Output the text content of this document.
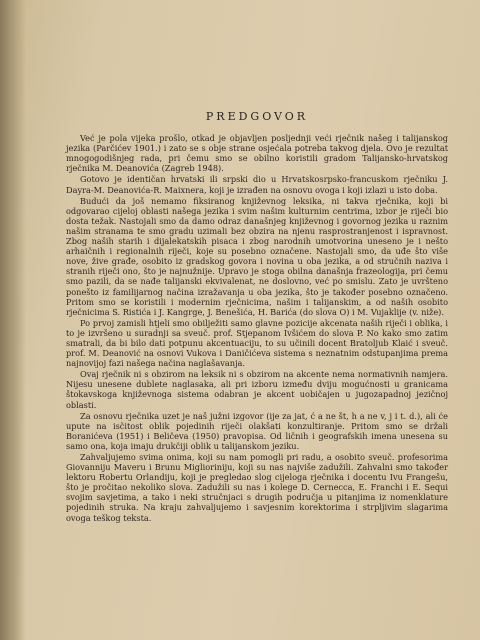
PREDGOVOR

Već je pola vijeka prošlo, otkad je objavljen posljednji veći rječnik našeg i talijanskog jezika (Parčićev 1901.) i zato se s obje strane osjećala potreba takvog djela. Ovo je rezultat mnogogodišnjeg rada, pri čemu smo se obilno koristili gradom Talijansko-hrvatskog rječnika M. Deanovića (Zagreb 1948).

Gotovo je identičan hrvatski ili srpski dio u Hrvatskosrpsko-francuskom rječniku J. Dayra-M. Deanovića-R. Maixnera, koji je izrađen na osnovu ovoga i koji izlazi u isto doba.

Budući da još nemamo fiksiranog književnog leksika, ni takva rječnika, koji bi odgovarao cijeloj oblasti našega jezika i svim našim kulturnim centrima, izbor je riječi bio dosta težak. Nastojali smo da damo odraz današnjeg književnog i govornog jezika u raznim našim stranama te smo gradu uzimali bez obzira na njenu rasprostranjenost i ispravnost. Zbog naših starih i dijalekatskih pisaca i zbog narodnih umotvorina uneseno je i nešto arhaičnih i regionalnih riječi, koje su posebno označene. Nastojali smo, da uđe što više nove, žive građe, osobito iz gradskog govora i novina u oba jezika, a od stručnih naziva i stranih riječi ono, što je najnužnije. Upravo je stoga obilna današnja frazeologija, pri čemu smo pazili, da se nađe talijanski ekvivalenat, ne doslovno, već po smislu. Zato je uvršteno ponešto iz familijarnog načina izražavanja u oba jezika, što je također posebno označeno. Pritom smo se koristili i modernim rječnicima, našim i talijanskim, a od naših osobito rječnicima S. Ristića i J. Kangrge, J. Benešića, H. Barića (do slova O) i M. Vujaklije (v. niže).

Po prvoj zamisli htjeli smo obilježiti samo glavne pozicije akcenata naših riječi i oblika, i to je izvršeno u suradnji sa sveuč. prof. Stjepanom Ivšićem do slova P. No kako smo zatim smatrali, da bi bilo dati potpunu akcentuaciju, to su učinili docent Bratoljub Klaić i sveuč. prof. M. Deanović na osnovi Vukova i Daničićeva sistema s neznatnim odstupanjima prema najnovijoj fazi našega načina naglašavanja.

Ovaj rječnik ni s obzirom na leksik ni s obzirom na akcente nema normativnih namjera. Nijesu unesene dublete naglasaka, ali pri izboru između dviju mogućnosti u granicama štokavskoga književnoga sistema odabran je akcent uobičajen u jugozapadnoj jezičnoj oblasti.

Za osnovu rječnika uzet je naš južni izgovor (ije za jat, ć a ne št, h a ne v, j i t. d.), ali će upute na isčitost oblik pojedinih riječi olakšati konzultiranje. Pritom smo se držali Boranićeva (1951) i Beličeva (1950) pravopisa. Od ličnih i geografskih imena unesena su samo ona, koja imaju drukčiji oblik u talijanskom jeziku.

Zahvaljujemo svima onima, koji su nam pomogli pri radu, a osobito sveuč. profesorima Giovanniju Maveru i Brunu Miglioriniju, koji su nas najviše zadužili. Zahvalni smo također lektoru Robertu Orlandiju, koji je pregledao slog cijeloga rječnika i docentu Ivu Frangešu, što je pročitao nekoliko slova. Zadužili su nas i kolege D. Cernecca, E. Franchi i E. Sequi svojim savjetima, a tako i neki stručnjaci s drugih područja u pitanjima iz nomenklature pojedinih struka. Na kraju zahvaljujemo i savjesnim korektorima i strpljivim slagarima ovoga teškog teksta.
